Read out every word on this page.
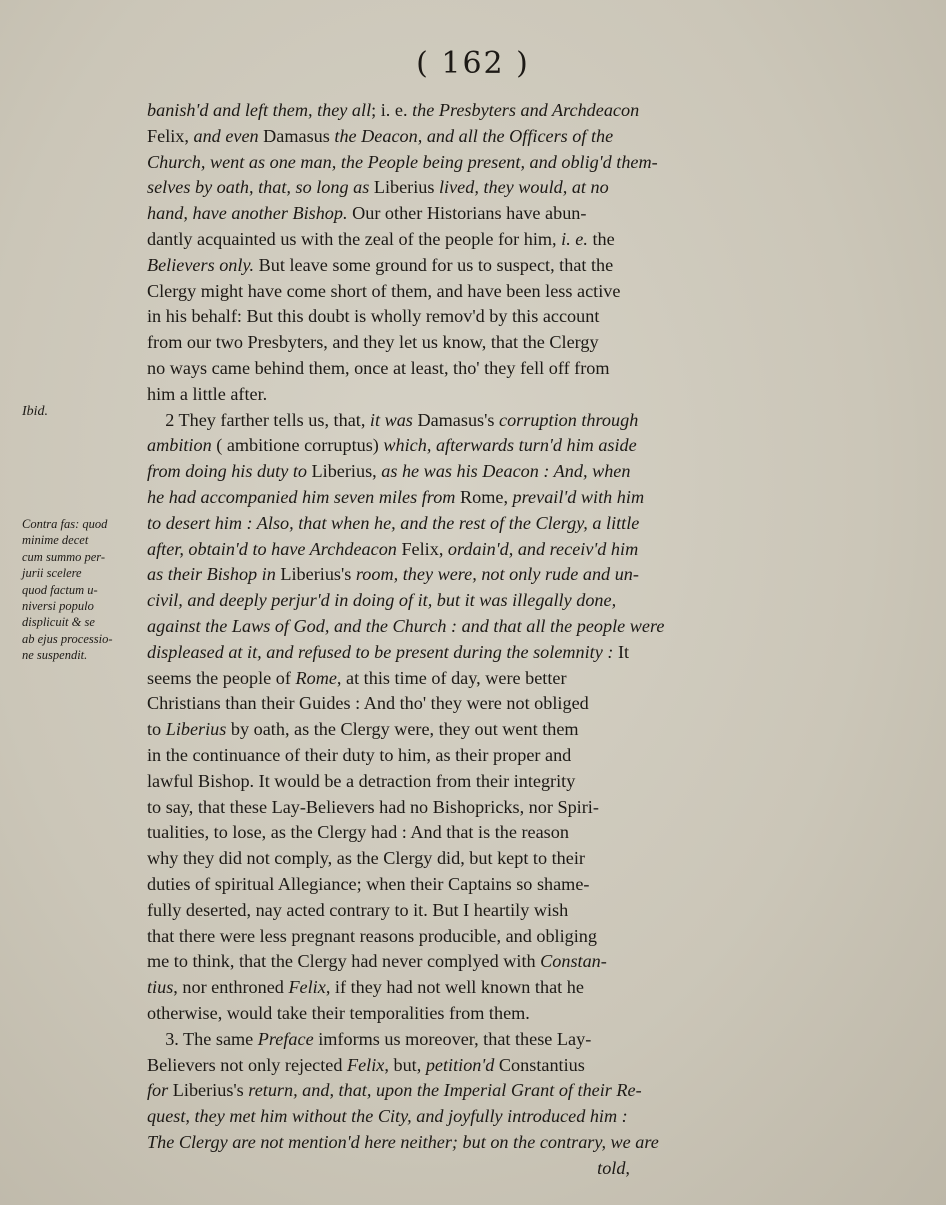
( 162 )
Ibid.
Contra fas: quod
minime decet
cum summo per-
jurii scelere
quod factum u-
niversi populo
displicuit & se
ab ejus processio-
ne suspendit.
banish'd and left them, they all; i. e. the Presbyters and Archdeacon
Felix, and even Damasus the Deacon, and all the Officers of the
Church, went as one man, the People being present, and oblig'd them-
selves by oath, that, so long as Liberius lived, they would, at no
hand, have another Bishop. Our other Historians have abun-
dantly acquainted us with the zeal of the people for him, i. e. the
Believers only. But leave some ground for us to suspect, that the
Clergy might have come short of them, and have been less active
in his behalf: But this doubt is wholly remov'd by this account
from our two Presbyters, and they let us know, that the Clergy
no ways came behind them, once at least, tho' they fell off from
him a little after.
2 They farther tells us, that, it was Damasus's corruption through
ambition ( ambitione corruptus) which, afterwards turn'd him aside
from doing his duty to Liberius, as he was his Deacon : And, when
he had accompanied him seven miles from Rome, prevail'd with him
to desert him : Also, that when he, and the rest of the Clergy, a little
after, obtain'd to have Archdeacon Felix, ordain'd, and receiv'd him
as their Bishop in Liberius's room, they were, not only rude and un-
civil, and deeply perjur'd in doing of it, but it was illegally done,
against the Laws of God, and the Church : and that all the people were
displeased at it, and refused to be present during the solemnity : It
seems the people of Rome, at this time of day, were better
Christians than their Guides : And tho' they were not obliged
to Liberius by oath, as the Clergy were, they out went them
in the continuance of their duty to him, as their proper and
lawful Bishop. It would be a detraction from their integrity
to say, that these Lay-Believers had no Bishopricks, nor Spiri-
tualities, to lose, as the Clergy had : And that is the reason
why they did not comply, as the Clergy did, but kept to their
duties of spiritual Allegiance; when their Captains so shame-
fully deserted, nay acted contrary to it. But I heartily wish
that there were less pregnant reasons producible, and obliging
me to think, that the Clergy had never complyed with Constan-
tius, nor enthroned Felix, if they had not well known that he
otherwise, would take their temporalities from them.
3. The same Preface imforms us moreover, that these Lay-
Believers not only rejected Felix, but, petition'd Constantius
for Liberius's return, and, that, upon the Imperial Grant of their Re-
quest, they met him without the City, and joyfully introduced him :
The Clergy are not mention'd here neither; but on the contrary, we are
told,
